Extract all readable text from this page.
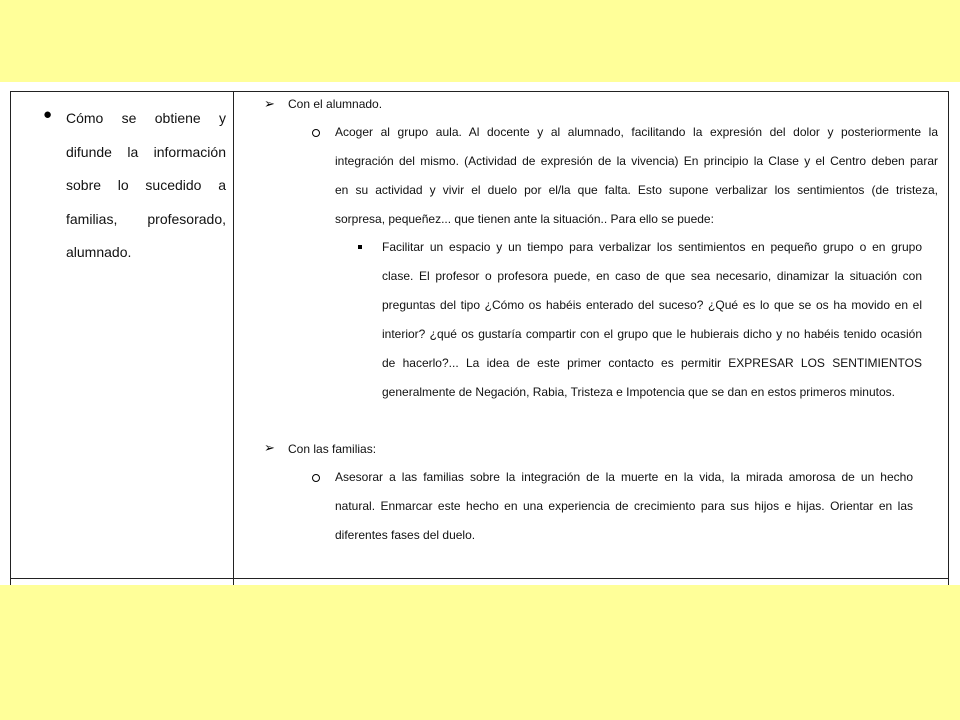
● Cómo se obtiene y difunde la información sobre lo sucedido a familias, profesorado, alumnado.

➢ Con el alumnado.

Acoger al grupo aula. Al docente y al alumnado, facilitando la expresión del dolor y posteriormente la
integración del mismo. (Actividad de expresión de la vivencia) En principio la Clase y el Centro deben parar
en su actividad y vivir el duelo por el/la que falta. Esto supone verbalizar los sentimientos (de tristeza,
sorpresa, pequeñez... que tienen ante la situación.. Para ello se puede:
Facilitar un espacio y un tiempo para verbalizar los sentimientos en pequeño grupo o en grupo
clase. El profesor o profesora puede, en caso de que sea necesario, dinamizar la situación con
preguntas del tipo ¿Cómo os habéis enterado del suceso? ¿Qué es lo que se os ha movido en el
interior? ¿qué os gustaría compartir con el grupo que le hubierais dicho y no habéis tenido ocasión
de hacerlo?... La idea de este primer contacto es permitir EXPRESAR LOS SENTIMIENTOS
generalmente de Negación, Rabia, Tristeza e Impotencia que se dan en estos primeros minutos.
➢ Con las familias:

Asesorar a las familias sobre la integración de la muerte en la vida, la mirada amorosa de un hecho
natural. Enmarcar este hecho en una experiencia de crecimiento para sus hijos e hijas. Orientar en las
diferentes fases del duelo.
